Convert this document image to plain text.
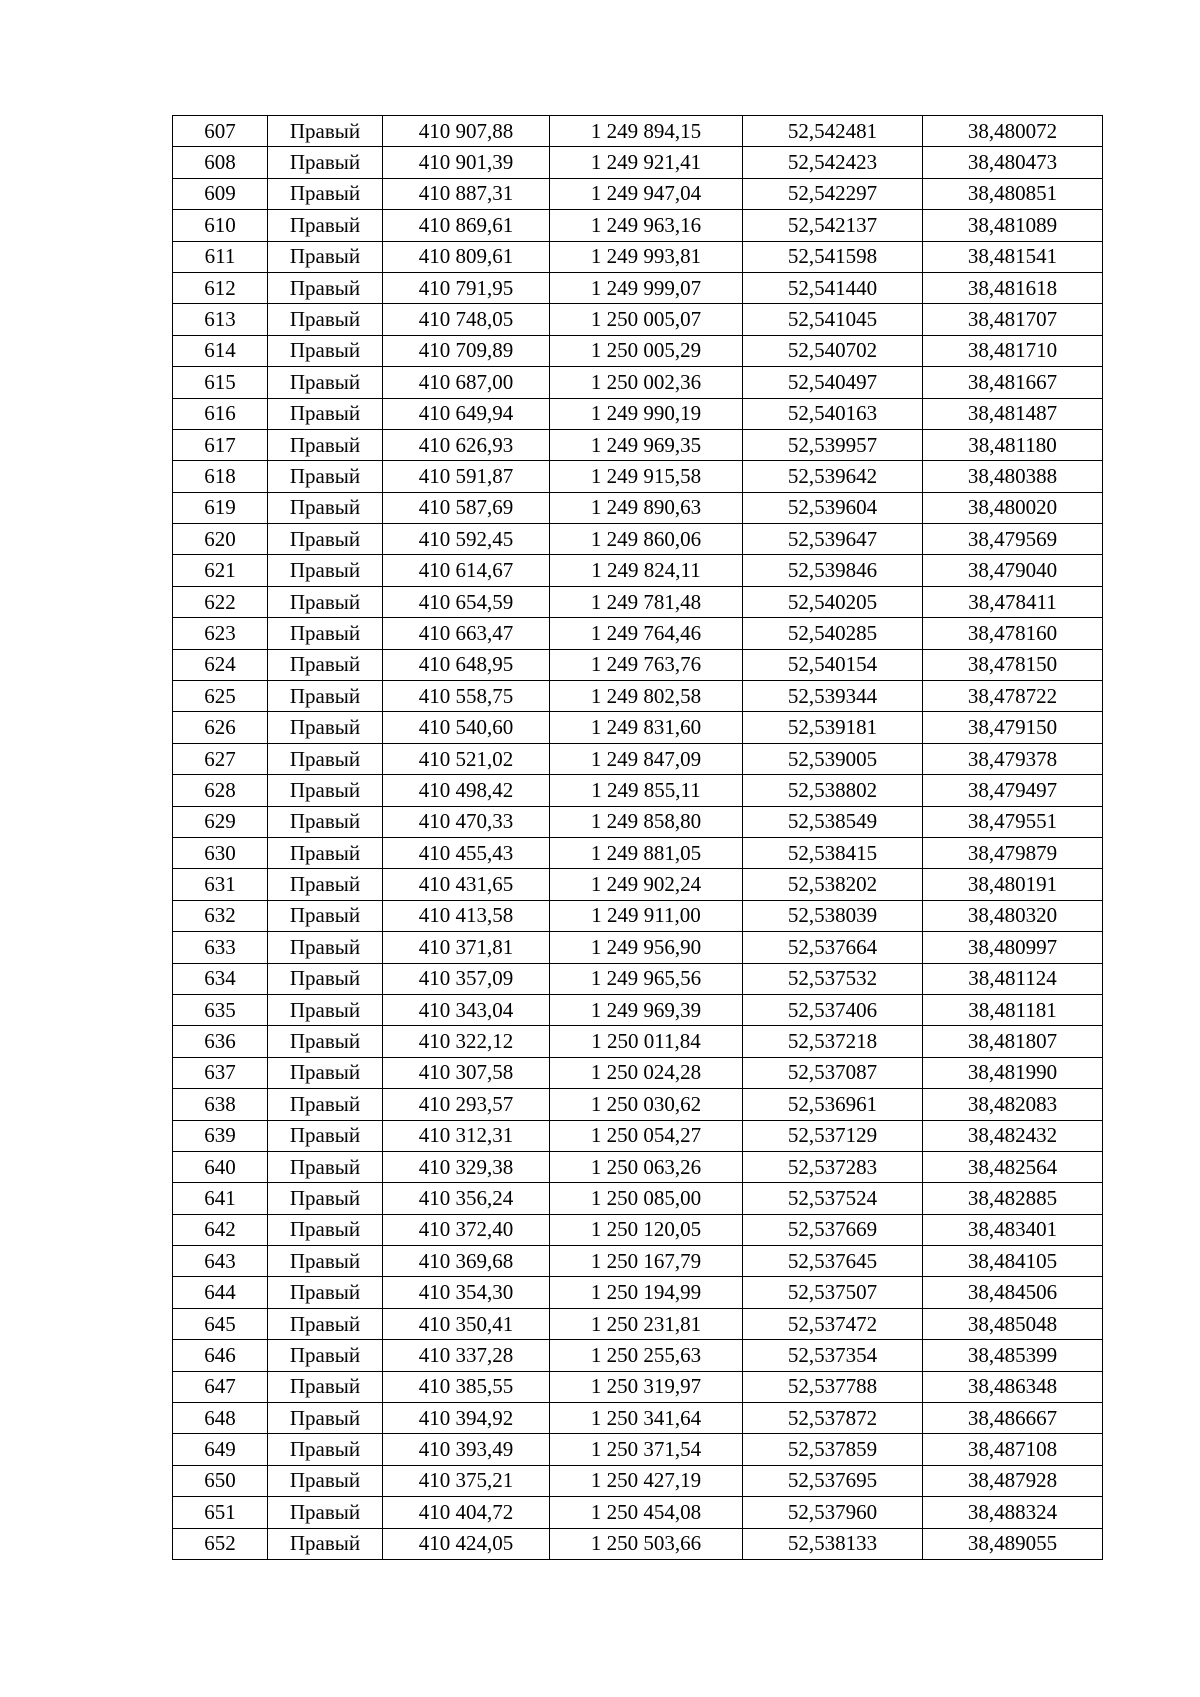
607	Правый	410 907,88	1 249 894,15	52,542481	38,480072
608	Правый	410 901,39	1 249 921,41	52,542423	38,480473
609	Правый	410 887,31	1 249 947,04	52,542297	38,480851
610	Правый	410 869,61	1 249 963,16	52,542137	38,481089
611	Правый	410 809,61	1 249 993,81	52,541598	38,481541
612	Правый	410 791,95	1 249 999,07	52,541440	38,481618
613	Правый	410 748,05	1 250 005,07	52,541045	38,481707
614	Правый	410 709,89	1 250 005,29	52,540702	38,481710
615	Правый	410 687,00	1 250 002,36	52,540497	38,481667
616	Правый	410 649,94	1 249 990,19	52,540163	38,481487
617	Правый	410 626,93	1 249 969,35	52,539957	38,481180
618	Правый	410 591,87	1 249 915,58	52,539642	38,480388
619	Правый	410 587,69	1 249 890,63	52,539604	38,480020
620	Правый	410 592,45	1 249 860,06	52,539647	38,479569
621	Правый	410 614,67	1 249 824,11	52,539846	38,479040
622	Правый	410 654,59	1 249 781,48	52,540205	38,478411
623	Правый	410 663,47	1 249 764,46	52,540285	38,478160
624	Правый	410 648,95	1 249 763,76	52,540154	38,478150
625	Правый	410 558,75	1 249 802,58	52,539344	38,478722
626	Правый	410 540,60	1 249 831,60	52,539181	38,479150
627	Правый	410 521,02	1 249 847,09	52,539005	38,479378
628	Правый	410 498,42	1 249 855,11	52,538802	38,479497
629	Правый	410 470,33	1 249 858,80	52,538549	38,479551
630	Правый	410 455,43	1 249 881,05	52,538415	38,479879
631	Правый	410 431,65	1 249 902,24	52,538202	38,480191
632	Правый	410 413,58	1 249 911,00	52,538039	38,480320
633	Правый	410 371,81	1 249 956,90	52,537664	38,480997
634	Правый	410 357,09	1 249 965,56	52,537532	38,481124
635	Правый	410 343,04	1 249 969,39	52,537406	38,481181
636	Правый	410 322,12	1 250 011,84	52,537218	38,481807
637	Правый	410 307,58	1 250 024,28	52,537087	38,481990
638	Правый	410 293,57	1 250 030,62	52,536961	38,482083
639	Правый	410 312,31	1 250 054,27	52,537129	38,482432
640	Правый	410 329,38	1 250 063,26	52,537283	38,482564
641	Правый	410 356,24	1 250 085,00	52,537524	38,482885
642	Правый	410 372,40	1 250 120,05	52,537669	38,483401
643	Правый	410 369,68	1 250 167,79	52,537645	38,484105
644	Правый	410 354,30	1 250 194,99	52,537507	38,484506
645	Правый	410 350,41	1 250 231,81	52,537472	38,485048
646	Правый	410 337,28	1 250 255,63	52,537354	38,485399
647	Правый	410 385,55	1 250 319,97	52,537788	38,486348
648	Правый	410 394,92	1 250 341,64	52,537872	38,486667
649	Правый	410 393,49	1 250 371,54	52,537859	38,487108
650	Правый	410 375,21	1 250 427,19	52,537695	38,487928
651	Правый	410 404,72	1 250 454,08	52,537960	38,488324
652	Правый	410 424,05	1 250 503,66	52,538133	38,489055
